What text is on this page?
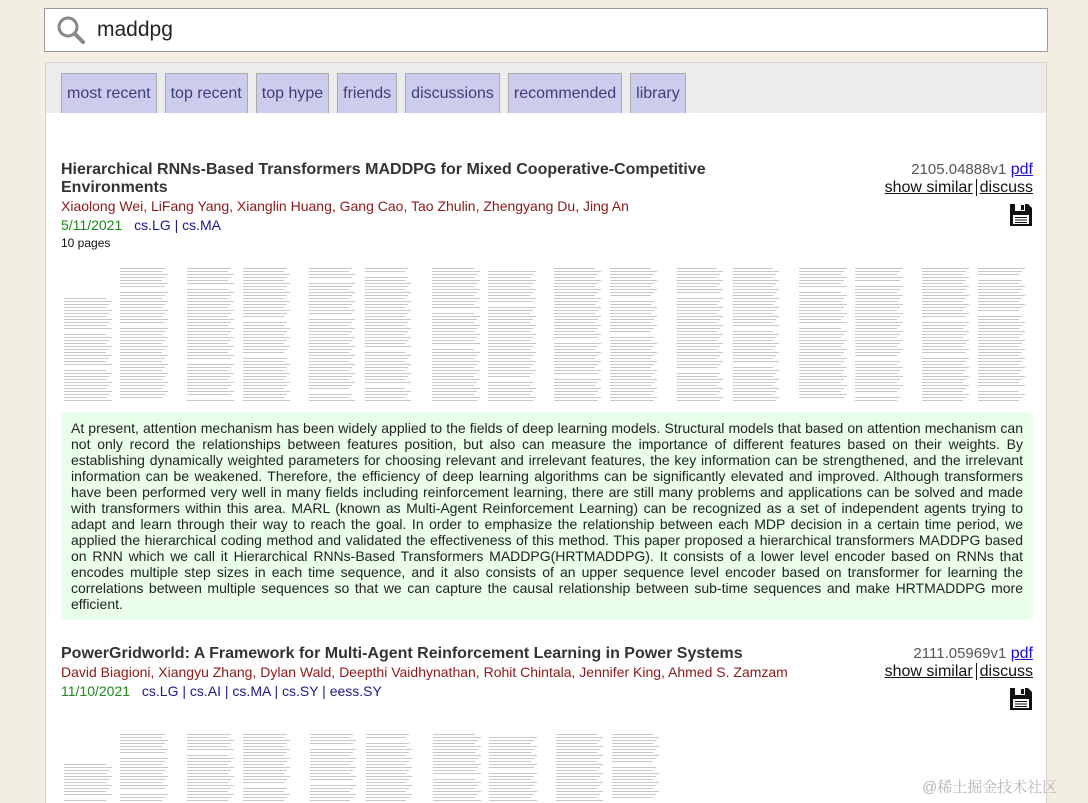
maddpg
most recent	top recent	top hype	friends	discussions	recommended	library
Hierarchical RNNs-Based Transformers MADDPG for Mixed Cooperative-Competitive Environments
Xiaolong Wei, LiFang Yang, Xianglin Huang, Gang Cao, Tao Zhulin, Zhengyang Du, Jing An
5/11/2021 cs.LG | cs.MA
10 pages
2105.04888v1 pdf
show similar discuss
At present, attention mechanism has been widely applied to the fields of deep learning models. Structural models that based on attention mechanism can not only record the relationships between features position, but also can measure the importance of different features based on their weights. By establishing dynamically weighted parameters for choosing relevant and irrelevant features, the key information can be strengthened, and the irrelevant information can be weakened. Therefore, the efficiency of deep learning algorithms can be significantly elevated and improved. Although transformers have been performed very well in many fields including reinforcement learning, there are still many problems and applications can be solved and made with transformers within this area. MARL (known as Multi-Agent Reinforcement Learning) can be recognized as a set of independent agents trying to adapt and learn through their way to reach the goal. In order to emphasize the relationship between each MDP decision in a certain time period, we applied the hierarchical coding method and validated the effectiveness of this method. This paper proposed a hierarchical transformers MADDPG based on RNN which we call it Hierarchical RNNs-Based Transformers MADDPG(HRTMADDPG). It consists of a lower level encoder based on RNNs that encodes multiple step sizes in each time sequence, and it also consists of an upper sequence level encoder based on transformer for learning the correlations between multiple sequences so that we can capture the causal relationship between sub-time sequences and make HRTMADDPG more efficient.
PowerGridworld: A Framework for Multi-Agent Reinforcement Learning in Power Systems
David Biagioni, Xiangyu Zhang, Dylan Wald, Deepthi Vaidhynathan, Rohit Chintala, Jennifer King, Ahmed S. Zamzam
11/10/2021 cs.LG | cs.AI | cs.MA | cs.SY | eess.SY
2111.05969v1 pdf
show similar discuss
@稀土掘金技术社区
